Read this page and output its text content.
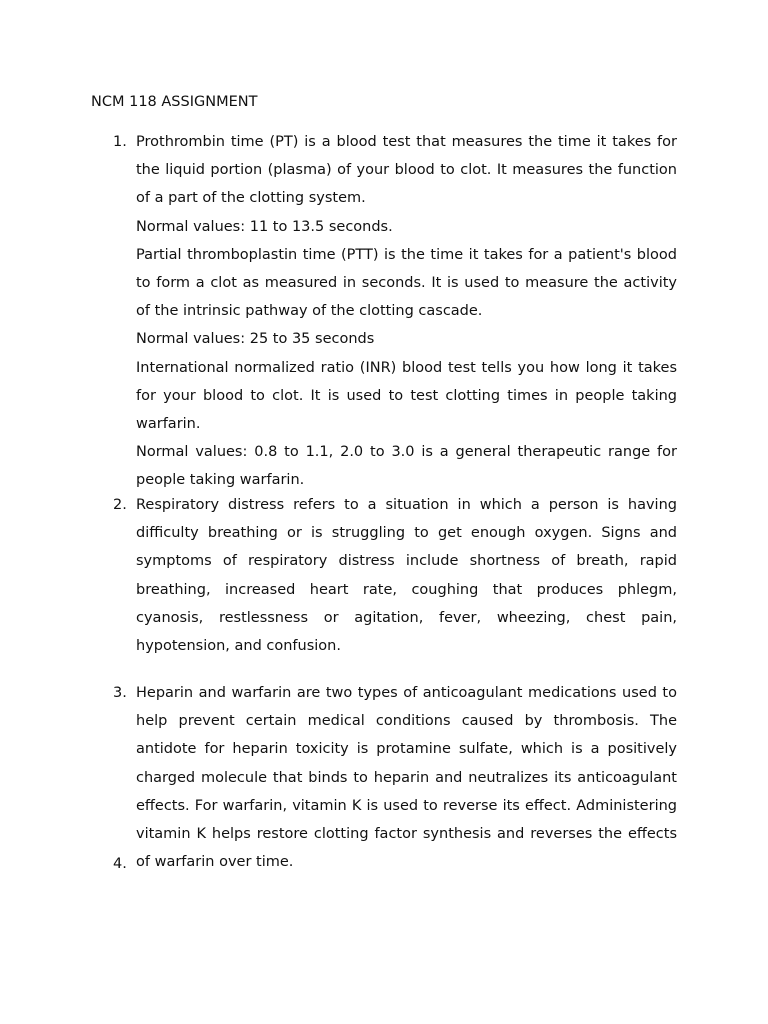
NCM 118 ASSIGNMENT
1. Prothrombin time (PT) is a blood test that measures the time it takes for the liquid portion (plasma) of your blood to clot. It measures the function of a part of the clotting system.

Normal values: 11 to 13.5 seconds.

Partial thromboplastin time (PTT) is the time it takes for a patient's blood to form a clot as measured in seconds. It is used to measure the activity of the intrinsic pathway of the clotting cascade.

Normal values: 25 to 35 seconds

International normalized ratio (INR) blood test tells you how long it takes for your blood to clot. It is used to test clotting times in people taking warfarin.

Normal values: 0.8 to 1.1, 2.0 to 3.0 is a general therapeutic range for people taking warfarin.

2. Respiratory distress refers to a situation in which a person is having difficulty breathing or is struggling to get enough oxygen. Signs and symptoms of respiratory distress include shortness of breath, rapid breathing, increased heart rate, coughing that produces phlegm, cyanosis, restlessness or agitation, fever, wheezing, chest pain, hypotension, and confusion.

3. Heparin and warfarin are two types of anticoagulant medications used to help prevent certain medical conditions caused by thrombosis. The antidote for heparin toxicity is protamine sulfate, which is a positively charged molecule that binds to heparin and neutralizes its anticoagulant effects. For warfarin, vitamin K is used to reverse its effect. Administering vitamin K helps restore clotting factor synthesis and reverses the effects of warfarin over time.

4.
